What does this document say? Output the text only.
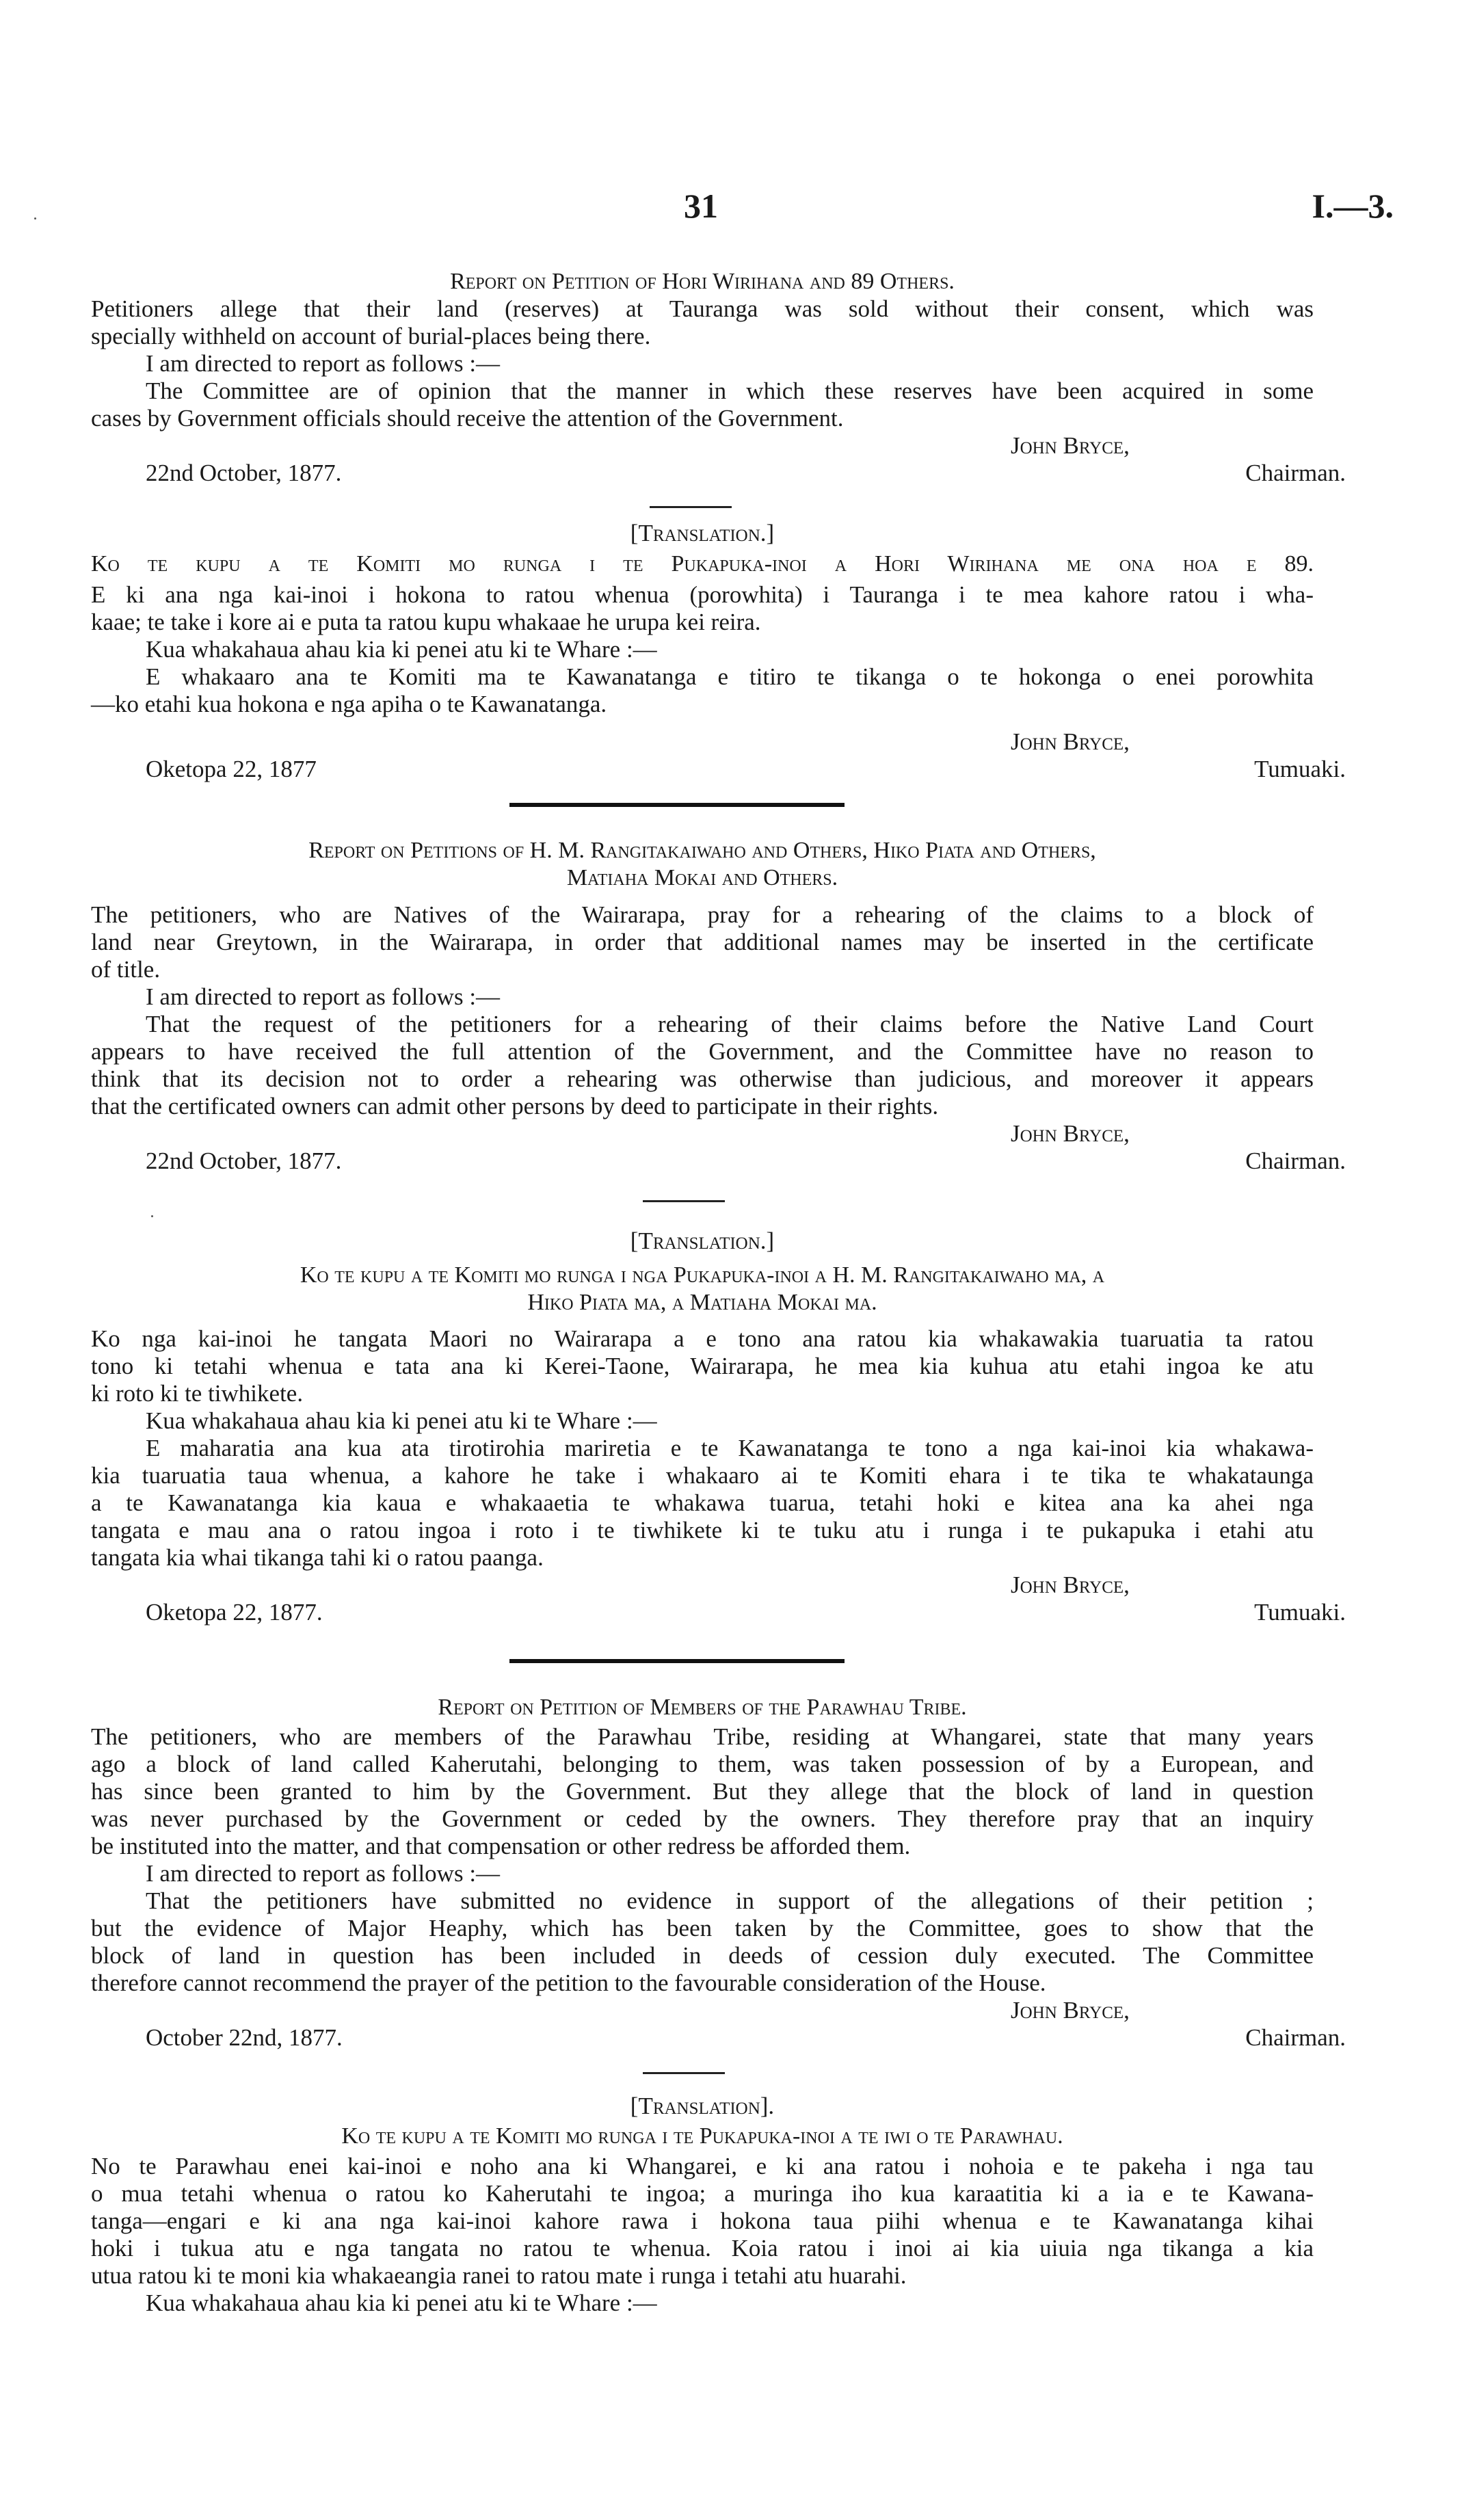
31	I.—3.
Report on Petition of Hori Wirihana and 89 Others.
Petitioners allege that their land (reserves) at Tauranga was sold without their consent, which was
specially withheld on account of burial-places being there.
I am directed to report as follows :—
The Committee are of opinion that the manner in which these reserves have been acquired in some
cases by Government officials should receive the attention of the Government.
John Bryce,
22nd October, 1877.	Chairman.
[Translation.]
Ko te kupu a te Komiti mo runga i te Pukapuka-inoi a Hori Wirihana me ona hoa e 89.
E ki ana nga kai-inoi i hokona to ratou whenua (porowhita) i Tauranga i te mea kahore ratou i wha-
kaae; te take i kore ai e puta ta ratou kupu whakaae he urupa kei reira.
Kua whakahaua ahau kia ki penei atu ki te Whare :—
E whakaaro ana te Komiti ma te Kawanatanga e titiro te tikanga o te hokonga o enei porowhita
—ko etahi kua hokona e nga apiha o te Kawanatanga.
John Bryce,
Oketopa 22, 1877	Tumuaki.
Report on Petitions of H. M. Rangitakaiwaho and Others, Hiko Piata and Others,
Matiaha Mokai and Others.
The petitioners, who are Natives of the Wairarapa, pray for a rehearing of the claims to a block of
land near Greytown, in the Wairarapa, in order that additional names may be inserted in the certificate
of title.
I am directed to report as follows :—
That the request of the petitioners for a rehearing of their claims before the Native Land Court
appears to have received the full attention of the Government, and the Committee have no reason to
think that its decision not to order a rehearing was otherwise than judicious, and moreover it appears
that the certificated owners can admit other persons by deed to participate in their rights.
John Bryce,
22nd October, 1877.	Chairman.
[Translation.]
Ko te kupu a te Komiti mo runga i nga Pukapuka-inoi a H. M. Rangitakaiwaho ma, a
Hiko Piata ma, a Matiaha Mokai ma.
Ko nga kai-inoi he tangata Maori no Wairarapa a e tono ana ratou kia whakawakia tuaruatia ta ratou
tono ki tetahi whenua e tata ana ki Kerei-Taone, Wairarapa, he mea kia kuhua atu etahi ingoa ke atu
ki roto ki te tiwhikete.
Kua whakahaua ahau kia ki penei atu ki te Whare :—
E maharatia ana kua ata tirotirohia mariretia e te Kawanatanga te tono a nga kai-inoi kia whakawa-
kia tuaruatia taua whenua, a kahore he take i whakaaro ai te Komiti ehara i te tika te whakataunga
a te Kawanatanga kia kaua e whakaaetia te whakawa tuarua, tetahi hoki e kitea ana ka ahei nga
tangata e mau ana o ratou ingoa i roto i te tiwhikete ki te tuku atu i runga i te pukapuka i etahi atu
tangata kia whai tikanga tahi ki o ratou paanga.
John Bryce,
Oketopa 22, 1877.	Tumuaki.
Report on Petition of Members of the Parawhau Tribe.
The petitioners, who are members of the Parawhau Tribe, residing at Whangarei, state that many years
ago a block of land called Kaherutahi, belonging to them, was taken possession of by a European, and
has since been granted to him by the Government. But they allege that the block of land in question
was never purchased by the Government or ceded by the owners. They therefore pray that an inquiry
be instituted into the matter, and that compensation or other redress be afforded them.
I am directed to report as follows :—
That the petitioners have submitted no evidence in support of the allegations of their petition ;
but the evidence of Major Heaphy, which has been taken by the Committee, goes to show that the
block of land in question has been included in deeds of cession duly executed. The Committee
therefore cannot recommend the prayer of the petition to the favourable consideration of the House.
John Bryce,
October 22nd, 1877.	Chairman.
[Translation].
Ko te kupu a te Komiti mo runga i te Pukapuka-inoi a te iwi o te Parawhau.
No te Parawhau enei kai-inoi e noho ana ki Whangarei, e ki ana ratou i nohoia e te pakeha i nga tau
o mua tetahi whenua o ratou ko Kaherutahi te ingoa; a muringa iho kua karaatitia ki a ia e te Kawana-
tanga—engari e ki ana nga kai-inoi kahore rawa i hokona taua piihi whenua e te Kawanatanga kihai
hoki i tukua atu e nga tangata no ratou te whenua. Koia ratou i inoi ai kia uiuia nga tikanga a kia
utua ratou ki te moni kia whakaeangia ranei to ratou mate i runga i tetahi atu huarahi.
Kua whakahaua ahau kia ki penei atu ki te Whare :—
